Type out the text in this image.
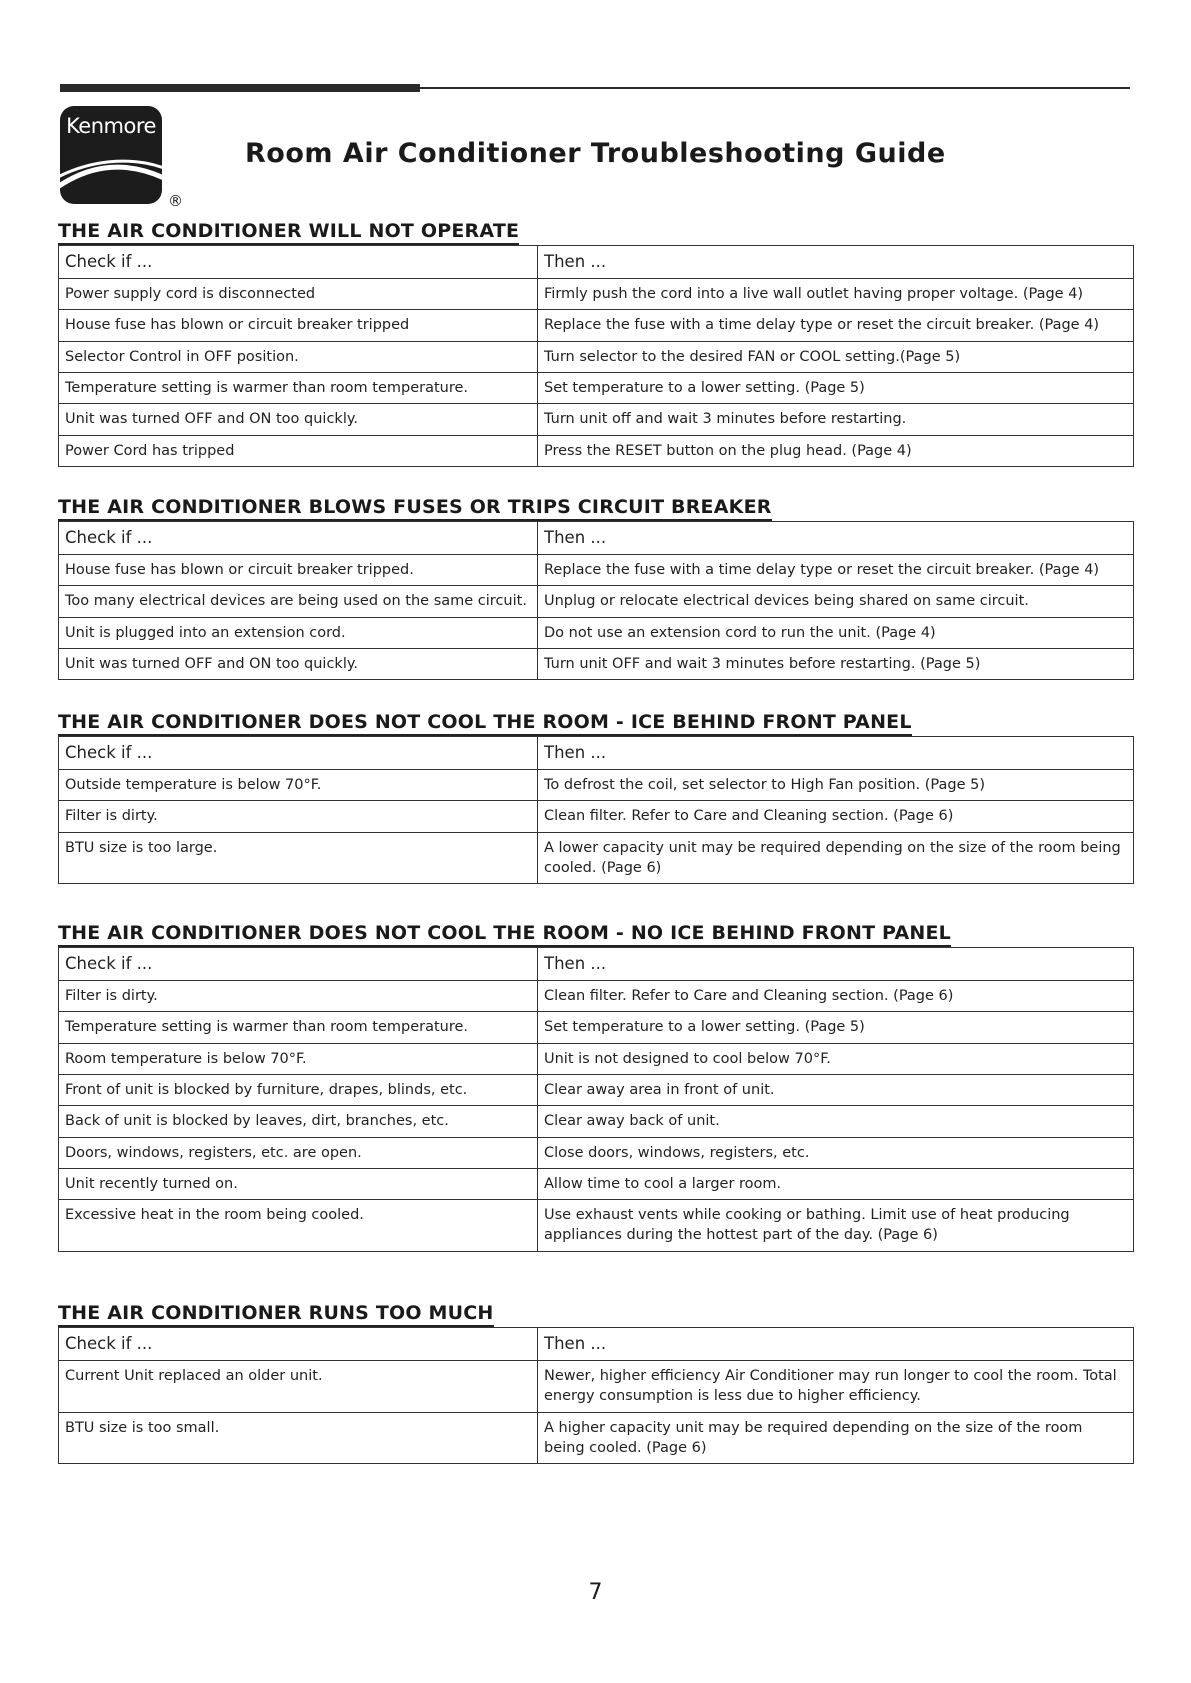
Kenmore
®
Room Air Conditioner Troubleshooting Guide
THE AIR CONDITIONER WILL NOT OPERATE
Check if ...	Then ...
Power supply cord is disconnected	Firmly push the cord into a live wall outlet having proper voltage. (Page 4)
House fuse has blown or circuit breaker tripped	Replace the fuse with a time delay type or reset the circuit breaker. (Page 4)
Selector Control in OFF position.	Turn selector to the desired FAN or COOL setting.(Page 5)
Temperature setting is warmer than room temperature.	Set temperature to a lower setting. (Page 5)
Unit was turned OFF and ON too quickly.	Turn unit off and wait 3 minutes before restarting.
Power Cord has tripped	Press the RESET button on the plug head. (Page 4)
THE AIR CONDITIONER BLOWS FUSES OR TRIPS CIRCUIT BREAKER
Check if ...	Then ...
House fuse has blown or circuit breaker tripped.	Replace the fuse with a time delay type or reset the circuit breaker. (Page 4)
Too many electrical devices are being used on the same circuit.	Unplug or relocate electrical devices being shared on same circuit.
Unit is plugged into an extension cord.	Do not use an extension cord to run the unit. (Page 4)
Unit was turned OFF and ON too quickly.	Turn unit OFF and wait 3 minutes before restarting. (Page 5)
THE AIR CONDITIONER DOES NOT COOL THE ROOM - ICE BEHIND FRONT PANEL
Check if ...	Then ...
Outside temperature is below 70°F.	To defrost the coil, set selector to High Fan position. (Page 5)
Filter is dirty.	Clean filter. Refer to Care and Cleaning section. (Page 6)
BTU size is too large.	A lower capacity unit may be required depending on the size of the room being cooled. (Page 6)
THE AIR CONDITIONER DOES NOT COOL THE ROOM - NO ICE BEHIND FRONT PANEL
Check if ...	Then ...
Filter is dirty.	Clean filter. Refer to Care and Cleaning section. (Page 6)
Temperature setting is warmer than room temperature.	Set temperature to a lower setting. (Page 5)
Room temperature is below 70°F.	Unit is not designed to cool below 70°F.
Front of unit is blocked by furniture, drapes, blinds, etc.	Clear away area in front of unit.
Back of unit is blocked by leaves, dirt, branches, etc.	Clear away back of unit.
Doors, windows, registers, etc. are open.	Close doors, windows, registers, etc.
Unit recently turned on.	Allow time to cool a larger room.
Excessive heat in the room being cooled.	Use exhaust vents while cooking or bathing. Limit use of heat producing appliances during the hottest part of the day. (Page 6)
THE AIR CONDITIONER RUNS TOO MUCH
Check if ...	Then ...
Current Unit replaced an older unit.	Newer, higher efficiency Air Conditioner may run longer to cool the room. Total energy consumption is less due to higher efficiency.
BTU size is too small.	A higher capacity unit may be required depending on the size of the room being cooled. (Page 6)
7
